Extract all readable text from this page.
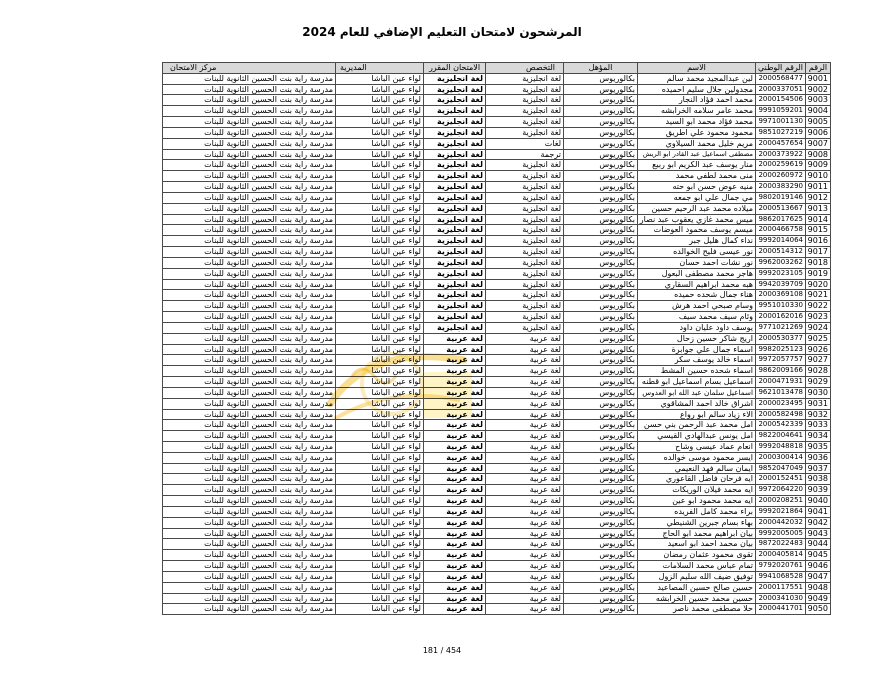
المرشحون لامتحان التعليم الإضافي للعام 2024
الرقم
الرقم الوطني
الاسم
المؤهل
التخصص
الامتحان المقرر
المديرية
مركز الامتحان
9001
2000568477
لين عبدالمجيد محمد سالم
بكالوريوس
لغة انجليزية
لغة انجليزية
لواء عين الباشا
مدرسة راية بنت الحسين الثانوية للبنات
9002
2000337051
مجدولين جلال سليم احميده
بكالوريوس
لغة انجليزية
لغة انجليزية
لواء عين الباشا
مدرسة راية بنت الحسين الثانوية للبنات
9003
2000154506
محمد احمد فؤاد النجار
بكالوريوس
لغة انجليزية
لغة انجليزية
لواء عين الباشا
مدرسة راية بنت الحسين الثانوية للبنات
9004
9991059201
محمد عامر سلامه الخرابشه
بكالوريوس
لغة انجليزية
لغة انجليزية
لواء عين الباشا
مدرسة راية بنت الحسين الثانوية للبنات
9005
9971001130
محمد فؤاد محمد ابو السيد
بكالوريوس
لغة انجليزية
لغة انجليزية
لواء عين الباشا
مدرسة راية بنت الحسين الثانوية للبنات
9006
9851027219
محمود محمود علي اطريق
بكالوريوس
لغة انجليزية
لغة انجليزية
لواء عين الباشا
مدرسة راية بنت الحسين الثانوية للبنات
9007
2000457654
مريم خليل محمد السيلاوي
بكالوريوس
لغات
لغة انجليزية
لواء عين الباشا
مدرسة راية بنت الحسين الثانوية للبنات
9008
2000373922
مصطفى اسماعيل عبد القادر ابو الريش
بكالوريوس
ترجمة
لغة انجليزية
لواء عين الباشا
مدرسة راية بنت الحسين الثانوية للبنات
9009
2000259619
منار يوسف عبد الكريم ابو ربيع
بكالوريوس
لغة انجليزية
لغة انجليزية
لواء عين الباشا
مدرسة راية بنت الحسين الثانوية للبنات
9010
2000260972
منى محمد لطفي محمد
بكالوريوس
لغة انجليزية
لغة انجليزية
لواء عين الباشا
مدرسة راية بنت الحسين الثانوية للبنات
9011
2000383290
منيه عوض حسن ابو حته
بكالوريوس
لغة انجليزية
لغة انجليزية
لواء عين الباشا
مدرسة راية بنت الحسين الثانوية للبنات
9012
9802019146
مي جمال علي ابو جمعه
بكالوريوس
لغة انجليزية
لغة انجليزية
لواء عين الباشا
مدرسة راية بنت الحسين الثانوية للبنات
9013
2000513667
ميلاده محمد عبد الرحيم حسين
بكالوريوس
لغة انجليزية
لغة انجليزية
لواء عين الباشا
مدرسة راية بنت الحسين الثانوية للبنات
9014
9862017625
ميس محمد غازي يعقوب عبد نصار
بكالوريوس
لغة انجليزية
لغة انجليزية
لواء عين الباشا
مدرسة راية بنت الحسين الثانوية للبنات
9015
2000466758
ميسم يوسف محمود العوضات
بكالوريوس
لغة انجليزية
لغة انجليزية
لواء عين الباشا
مدرسة راية بنت الحسين الثانوية للبنات
9016
9992014064
نداء كمال هليل جبر
بكالوريوس
لغة انجليزية
لغة انجليزية
لواء عين الباشا
مدرسة راية بنت الحسين الثانوية للبنات
9017
2000514312
نور عيسى فليح الخوالده
بكالوريوس
لغة انجليزية
لغة انجليزية
لواء عين الباشا
مدرسة راية بنت الحسين الثانوية للبنات
9018
9962003262
نور نشات احمد حسان
بكالوريوس
لغة انجليزية
لغة انجليزية
لواء عين الباشا
مدرسة راية بنت الحسين الثانوية للبنات
9019
9992023105
هاجر محمد مصطفى البعول
بكالوريوس
لغة انجليزية
لغة انجليزية
لواء عين الباشا
مدرسة راية بنت الحسين الثانوية للبنات
9020
9942039709
هبه محمد ابراهيم السقاري
بكالوريوس
لغة انجليزية
لغة انجليزية
لواء عين الباشا
مدرسة راية بنت الحسين الثانوية للبنات
9021
2000369108
هناء جمال شحده حميده
بكالوريوس
لغة انجليزية
لغة انجليزية
لواء عين الباشا
مدرسة راية بنت الحسين الثانوية للبنات
9022
9951010330
وسام صبحي احمد هرش
بكالوريوس
لغة انجليزية
لغة انجليزية
لواء عين الباشا
مدرسة راية بنت الحسين الثانوية للبنات
9023
2000162016
وئام سيف محمد سيف
بكالوريوس
لغة انجليزية
لغة انجليزية
لواء عين الباشا
مدرسة راية بنت الحسين الثانوية للبنات
9024
9771021269
يوسف داود عليان داود
بكالوريوس
لغة انجليزية
لغة انجليزية
لواء عين الباشا
مدرسة راية بنت الحسين الثانوية للبنات
9025
2000530377
اريج شاكر حسين زحال
بكالوريوس
لغة عربية
لغة عربية
لواء عين الباشا
مدرسة راية بنت الحسين الثانوية للبنات
9026
9982025123
اسماء جمال علي جوابرة
بكالوريوس
لغة عربية
لغة عربية
لواء عين الباشا
مدرسة راية بنت الحسين الثانوية للبنات
9027
9972057757
اسماء خالد يوسف سكر
بكالوريوس
لغة عربية
لغة عربية
لواء عين الباشا
مدرسة راية بنت الحسين الثانوية للبنات
9028
9862009166
اسماء شحده حسين المشط
بكالوريوس
لغة عربية
لغة عربية
لواء عين الباشا
مدرسة راية بنت الحسين الثانوية للبنات
9029
2000471931
اسماعيل بسام اسماعيل ابو قطنه
بكالوريوس
لغة عربية
لغة عربية
لواء عين الباشا
مدرسة راية بنت الحسين الثانوية للبنات
9030
9621013478
اسماعيل سلمان عبد الله ابو العدوس
بكالوريوس
لغة عربية
لغة عربية
لواء عين الباشا
مدرسة راية بنت الحسين الثانوية للبنات
9031
2000023495
اشراق خالد احمد المشاقوي
بكالوريوس
لغة عربية
لغة عربية
لواء عين الباشا
مدرسة راية بنت الحسين الثانوية للبنات
9032
2000582498
الاء زياد سالم ابو رواع
بكالوريوس
لغة عربية
لغة عربية
لواء عين الباشا
مدرسة راية بنت الحسين الثانوية للبنات
9033
2000542339
امل محمد عبد الرحمن بني حسن
بكالوريوس
لغة عربية
لغة عربية
لواء عين الباشا
مدرسة راية بنت الحسين الثانوية للبنات
9034
9822004641
امل يونس عبدالهادي القيسي
بكالوريوس
لغة عربية
لغة عربية
لواء عين الباشا
مدرسة راية بنت الحسين الثانوية للبنات
9035
9992048818
انعام عماد عيسى وشاح
بكالوريوس
لغة عربية
لغة عربية
لواء عين الباشا
مدرسة راية بنت الحسين الثانوية للبنات
9036
2000300414
ايسر محمود موسى خوالده
بكالوريوس
لغة عربية
لغة عربية
لواء عين الباشا
مدرسة راية بنت الحسين الثانوية للبنات
9037
9852047049
ايمان سالم فهد النعيمي
بكالوريوس
لغة عربية
لغة عربية
لواء عين الباشا
مدرسة راية بنت الحسين الثانوية للبنات
9038
2000152451
ايه فرحان فاضل القاعوري
بكالوريوس
لغة عربية
لغة عربية
لواء عين الباشا
مدرسة راية بنت الحسين الثانوية للبنات
9039
9972064220
ايه محمد فيلان الوريكات
بكالوريوس
لغة عربية
لغة عربية
لواء عين الباشا
مدرسة راية بنت الحسين الثانوية للبنات
9040
2000208251
ايه محمد محمود ابو عين
بكالوريوس
لغة عربية
لغة عربية
لواء عين الباشا
مدرسة راية بنت الحسين الثانوية للبنات
9041
9992021864
براء محمد كامل الفريده
بكالوريوس
لغة عربية
لغة عربية
لواء عين الباشا
مدرسة راية بنت الحسين الثانوية للبنات
9042
2000442032
بهاء بسام جبرين الشنيطي
بكالوريوس
لغة عربية
لغة عربية
لواء عين الباشا
مدرسة راية بنت الحسين الثانوية للبنات
9043
9992005005
بيان ابراهيم محمد ابو الحاج
بكالوريوس
لغة عربية
لغة عربية
لواء عين الباشا
مدرسة راية بنت الحسين الثانوية للبنات
9044
9872022483
بيان محمد احمد ابو اسعيد
بكالوريوس
لغة عربية
لغة عربية
لواء عين الباشا
مدرسة راية بنت الحسين الثانوية للبنات
9045
2000405814
تقوى محمود عثمان رمضان
بكالوريوس
لغة عربية
لغة عربية
لواء عين الباشا
مدرسة راية بنت الحسين الثانوية للبنات
9046
9792020761
تمام عباس محمد السلامات
بكالوريوس
لغة عربية
لغة عربية
لواء عين الباشا
مدرسة راية بنت الحسين الثانوية للبنات
9047
9941068528
توفيق ضيف الله سليم الزول
بكالوريوس
لغة عربية
لغة عربية
لواء عين الباشا
مدرسة راية بنت الحسين الثانوية للبنات
9048
2000117551
حسين صالح حسين المصاعيد
بكالوريوس
لغة عربية
لغة عربية
لواء عين الباشا
مدرسة راية بنت الحسين الثانوية للبنات
9049
2000341030
حسين محمد حسين الخرابشه
بكالوريوس
لغة عربية
لغة عربية
لواء عين الباشا
مدرسة راية بنت الحسين الثانوية للبنات
9050
2000441701
حلا مصطفى محمد ناصر
بكالوريوس
لغة عربية
لغة عربية
لواء عين الباشا
مدرسة راية بنت الحسين الثانوية للبنات
181 / 454
